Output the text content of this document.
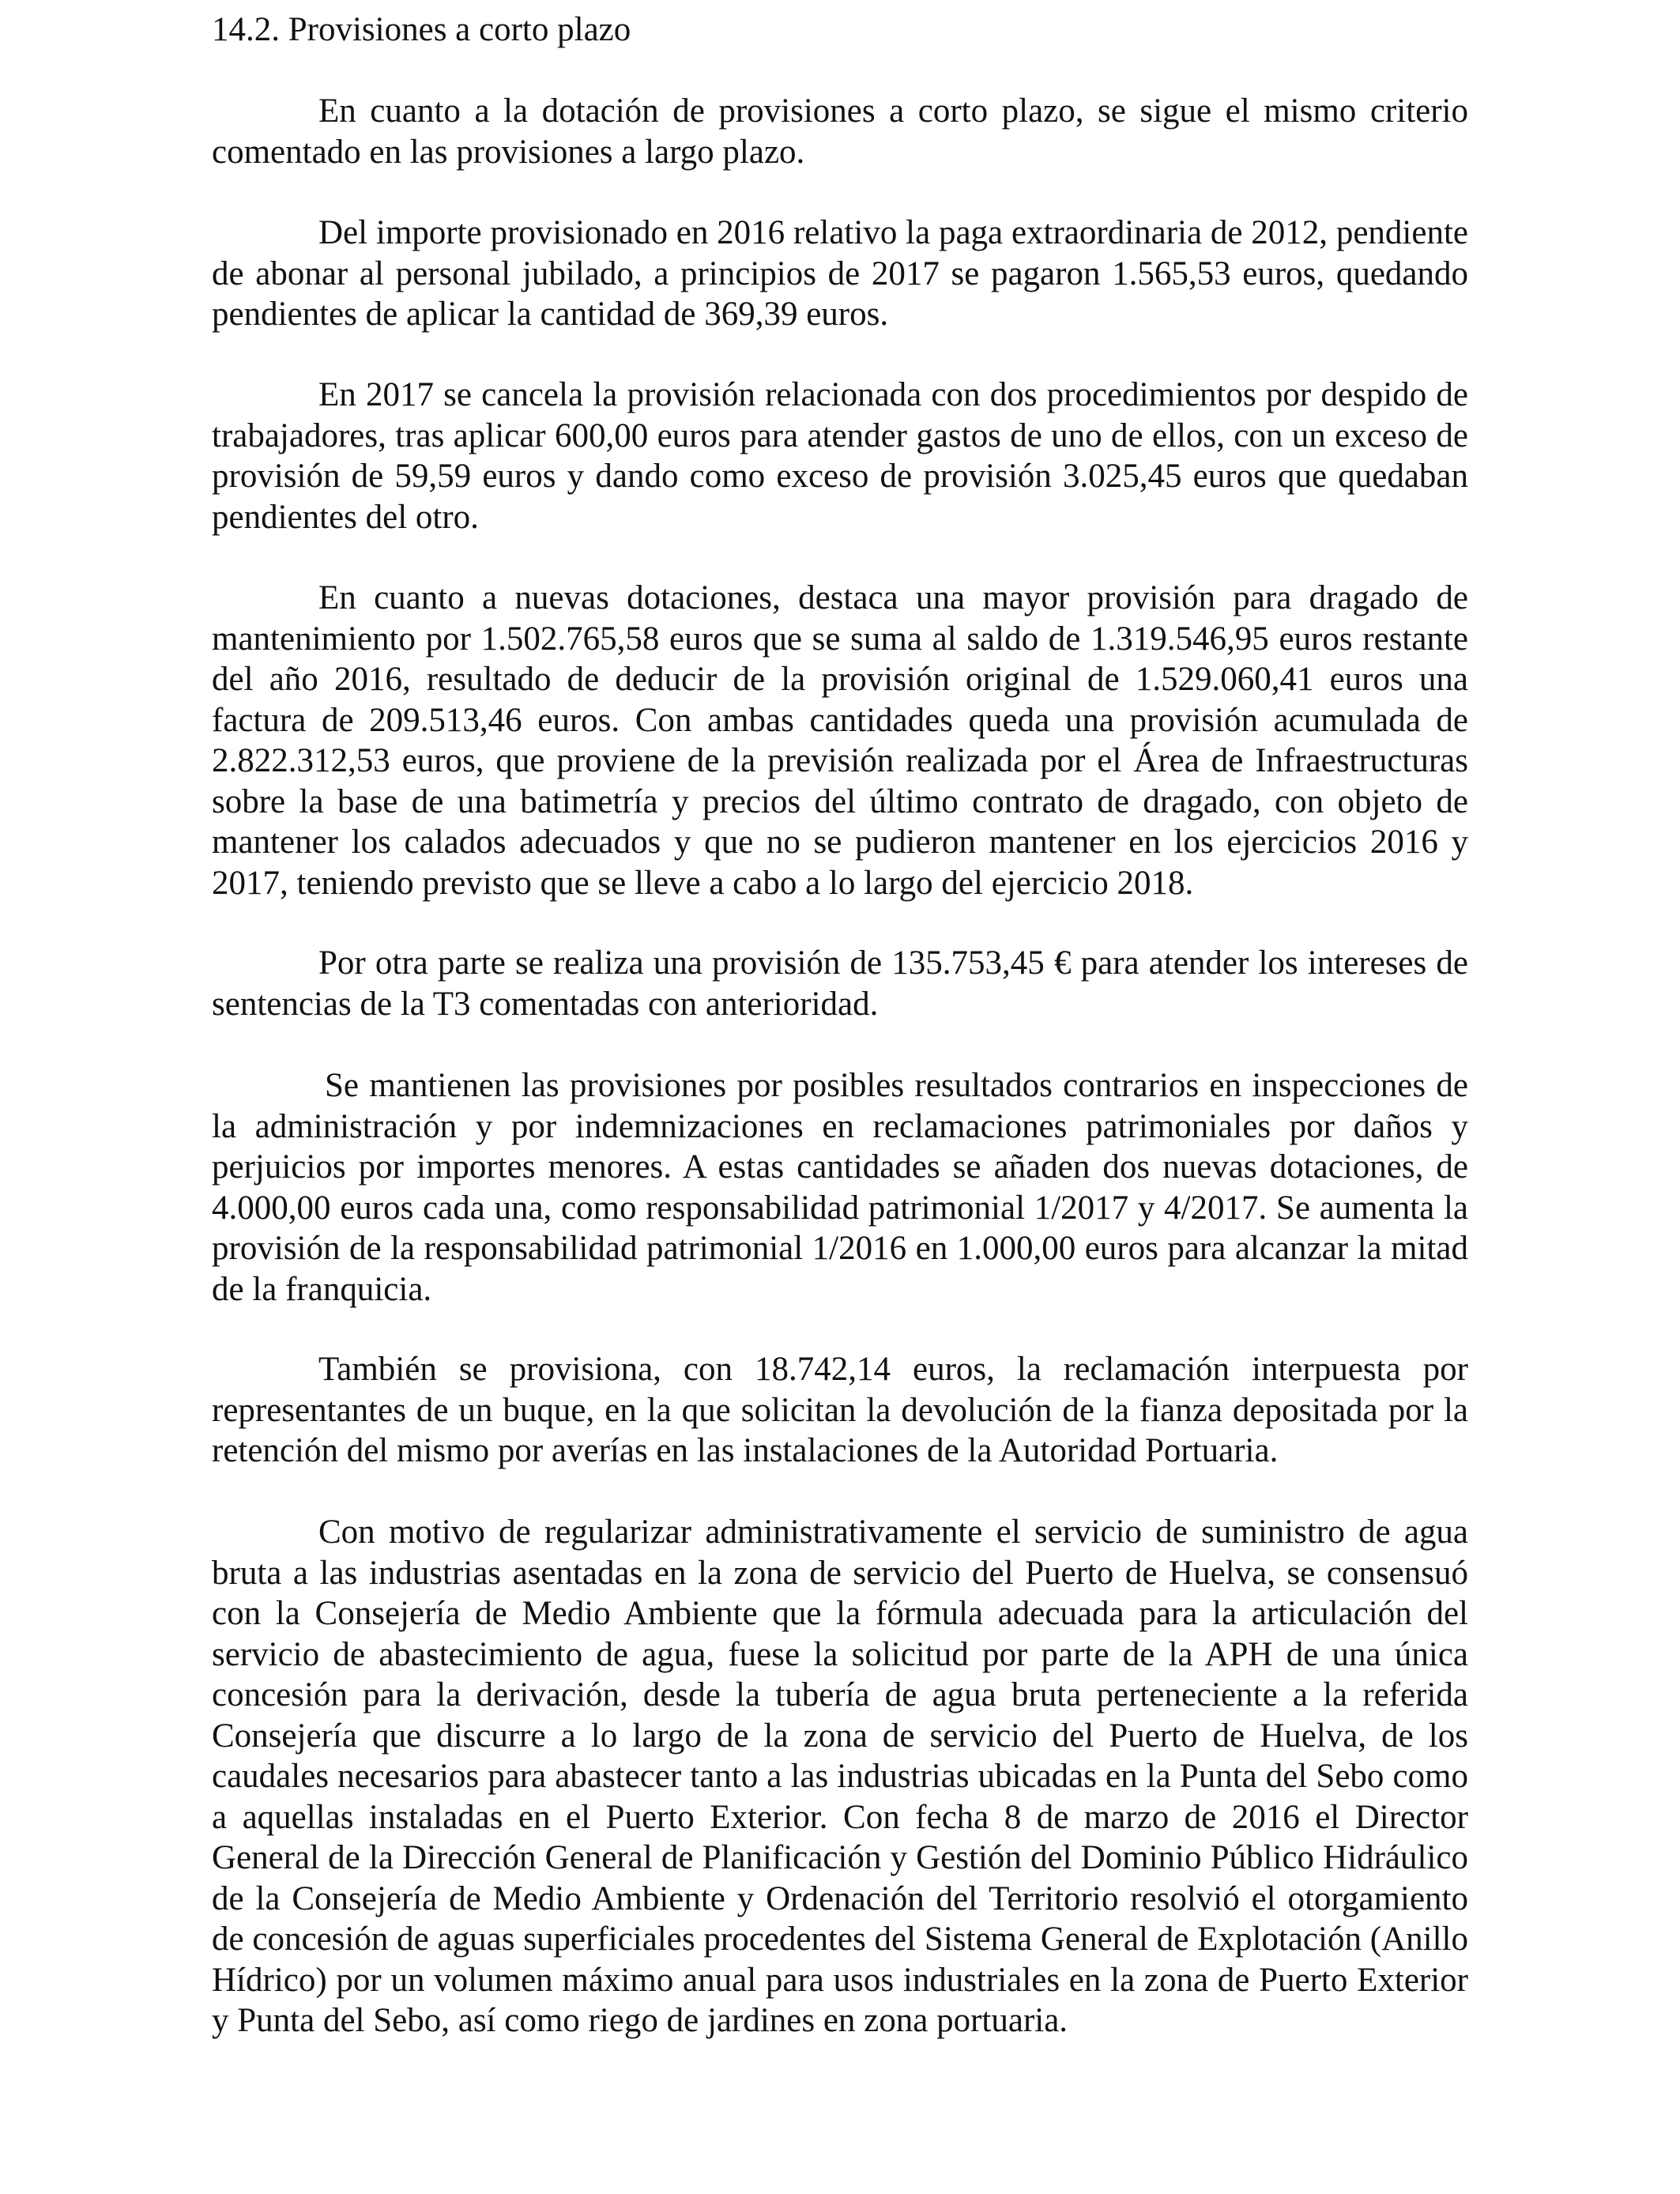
14.2. Provisiones a corto plazo

En cuanto a la dotación de provisiones a corto plazo, se sigue el mismo criterio comentado en las provisiones a largo plazo.

Del importe provisionado en 2016 relativo la paga extraordinaria de 2012, pendiente de abonar al personal jubilado, a principios de 2017 se pagaron 1.565,53 euros, quedando pendientes de aplicar la cantidad de 369,39 euros.

En 2017 se cancela la provisión relacionada con dos procedimientos por despido de trabajadores, tras aplicar 600,00 euros para atender gastos de uno de ellos, con un exceso de provisión de 59,59 euros y dando como exceso de provisión 3.025,45 euros que quedaban pendientes del otro.

En cuanto a nuevas dotaciones, destaca una mayor provisión para dragado de mantenimiento por 1.502.765,58 euros que se suma al saldo de 1.319.546,95 euros restante del año 2016, resultado de deducir de la provisión original de 1.529.060,41 euros una factura de 209.513,46 euros. Con ambas cantidades queda una provisión acumulada de 2.822.312,53 euros, que proviene de la previsión realizada por el Área de Infraestructuras sobre la base de una batimetría y precios del último contrato de dragado, con objeto de mantener los calados adecuados y que no se pudieron mantener en los ejercicios 2016 y 2017, teniendo previsto que se lleve a cabo a lo largo del ejercicio 2018.

Por otra parte se realiza una provisión de 135.753,45 € para atender los intereses de sentencias de la T3 comentadas con anterioridad.

Se mantienen las provisiones por posibles resultados contrarios en inspecciones de la administración y por indemnizaciones en reclamaciones patrimoniales por daños y perjuicios por importes menores. A estas cantidades se añaden dos nuevas dotaciones, de 4.000,00 euros cada una, como responsabilidad patrimonial 1/2017 y 4/2017. Se aumenta la provisión de la responsabilidad patrimonial 1/2016 en 1.000,00 euros para alcanzar la mitad de la franquicia.

También se provisiona, con 18.742,14 euros, la reclamación interpuesta por representantes de un buque, en la que solicitan la devolución de la fianza depositada por la retención del mismo por averías en las instalaciones de la Autoridad Portuaria.

Con motivo de regularizar administrativamente el servicio de suministro de agua bruta a las industrias asentadas en la zona de servicio del Puerto de Huelva, se consensuó con la Consejería de Medio Ambiente que la fórmula adecuada para la articulación del servicio de abastecimiento de agua, fuese la solicitud por parte de la APH de una única concesión para la derivación, desde la tubería de agua bruta perteneciente a la referida Consejería que discurre a lo largo de la zona de servicio del Puerto de Huelva, de los caudales necesarios para abastecer tanto a las industrias ubicadas en la Punta del Sebo como a aquellas instaladas en el Puerto Exterior. Con fecha 8 de marzo de 2016 el Director General de la Dirección General de Planificación y Gestión del Dominio Público Hidráulico de la Consejería de Medio Ambiente y Ordenación del Territorio resolvió el otorgamiento de concesión de aguas superficiales procedentes del Sistema General de Explotación (Anillo Hídrico) por un volumen máximo anual para usos industriales en la zona de Puerto Exterior y Punta del Sebo, así como riego de jardines en zona portuaria.
